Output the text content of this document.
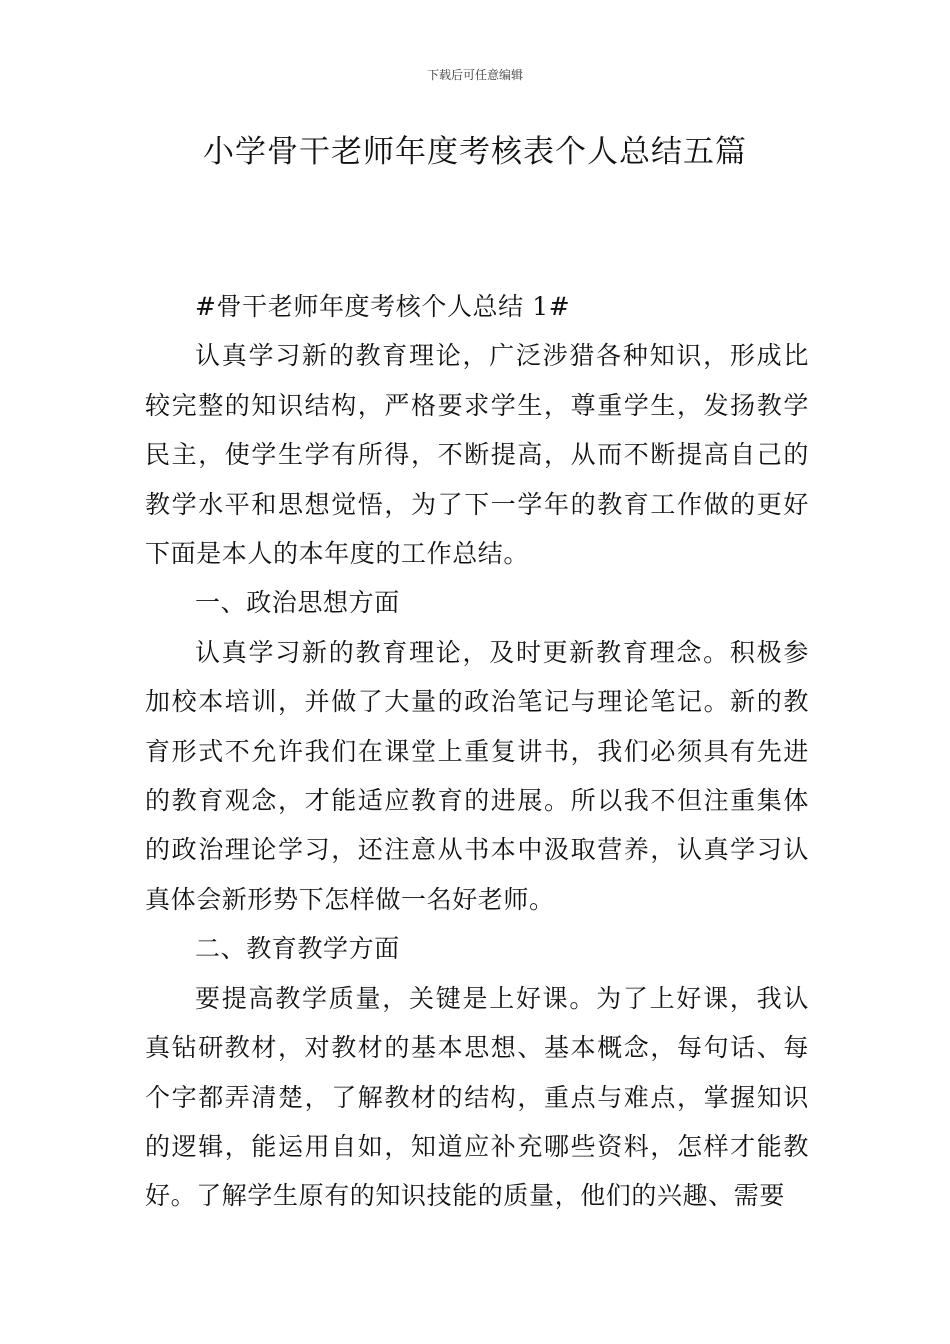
下载后可任意编辑
小学骨干老师年度考核表个人总结五篇

#骨干老师年度考核个人总结 1#

认真学习新的教育理论，广泛涉猎各种知识，形成比较完整的知识结构，严格要求学生，尊重学生，发扬教学民主，使学生学有所得，不断提高，从而不断提高自己的教学水平和思想觉悟，为了下一学年的教育工作做的更好下面是本人的本年度的工作总结。

一、政治思想方面

认真学习新的教育理论，及时更新教育理念。积极参加校本培训，并做了大量的政治笔记与理论笔记。新的教育形式不允许我们在课堂上重复讲书，我们必须具有先进的教育观念，才能适应教育的进展。所以我不但注重集体的政治理论学习，还注意从书本中汲取营养，认真学习认真体会新形势下怎样做一名好老师。

二、教育教学方面

要提高教学质量，关键是上好课。为了上好课，我认真钻研教材，对教材的基本思想、基本概念，每句话、每个字都弄清楚，了解教材的结构，重点与难点，掌握知识的逻辑，能运用自如，知道应补充哪些资料，怎样才能教好。了解学生原有的知识技能的质量，他们的兴趣、需要
